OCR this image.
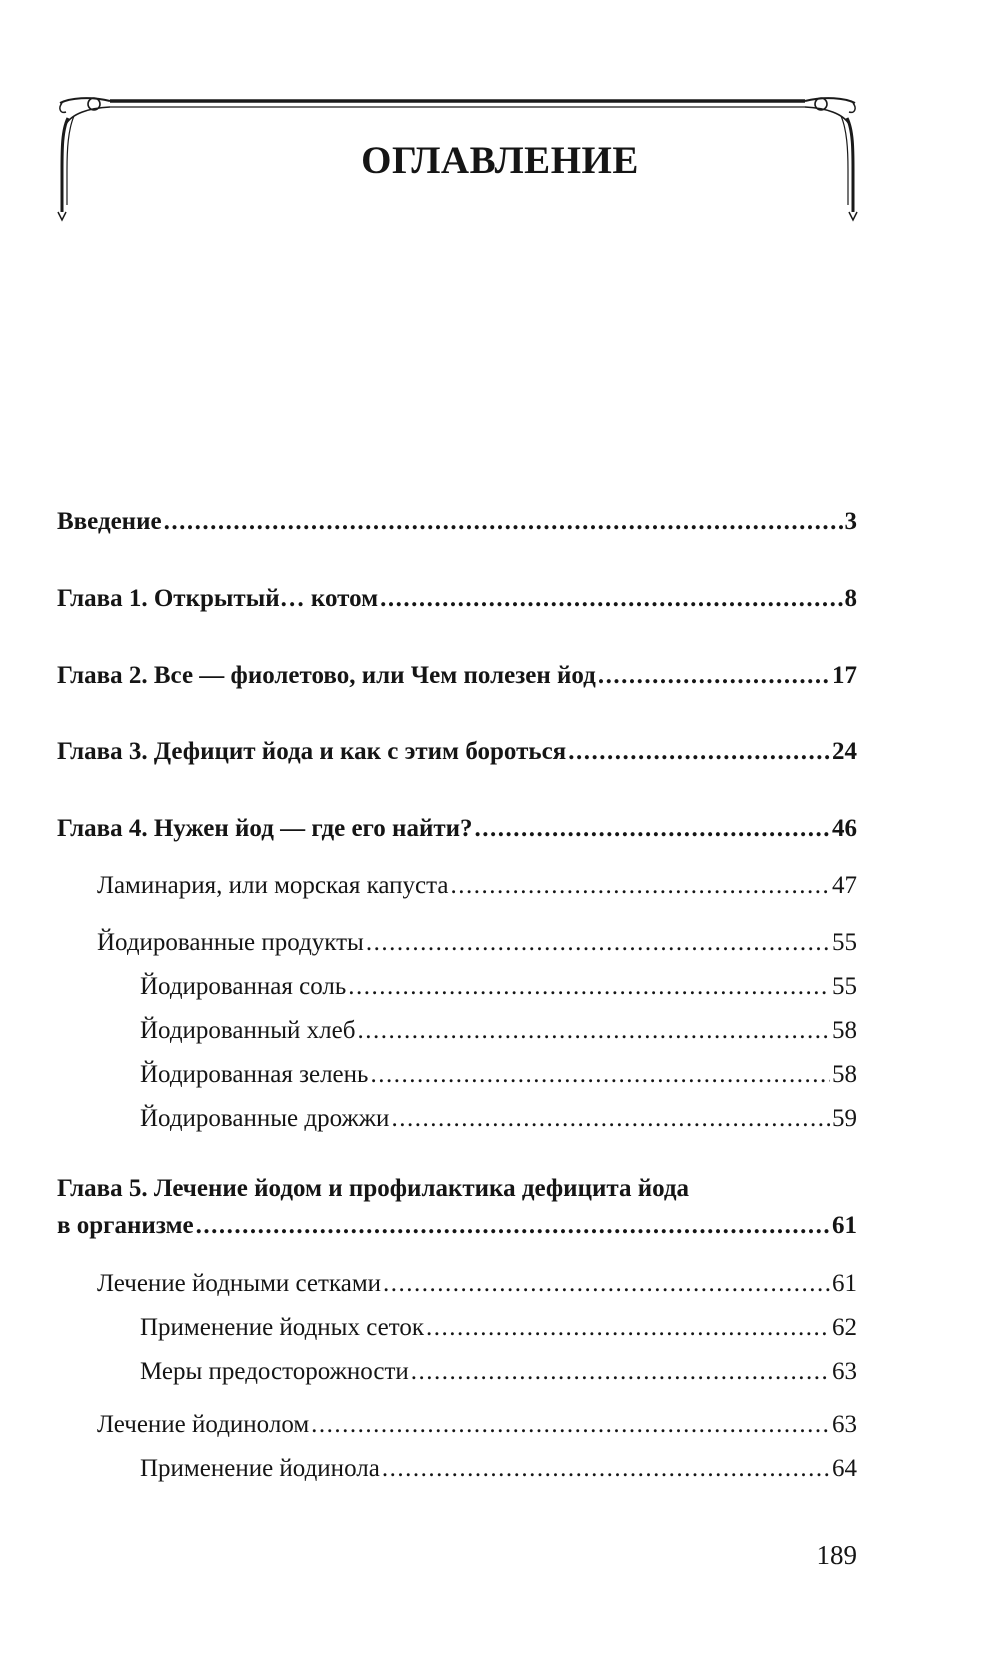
ОГЛАВЛЕНИЕ
Введение .....	3
Глава 1. Открытый… котом .....	8
Глава 2. Все — фиолетово, или Чем полезен йод .....	17
Глава 3. Дефицит йода и как с этим бороться .....	24
Глава 4. Нужен йод — где его найти? .....	46
Ламинария, или морская капуста .....	47
Йодированные продукты .....	55
Йодированная соль .....	55
Йодированный хлеб .....	58
Йодированная зелень .....	58
Йодированные дрожжи .....	59
Глава 5. Лечение йодом и профилактика дефицита йода
в организме .....	61
Лечение йодными сетками .....	61
Применение йодных сеток .....	62
Меры предосторожности .....	63
Лечение йодинолом .....	63
Применение йодинола .....	64
189
